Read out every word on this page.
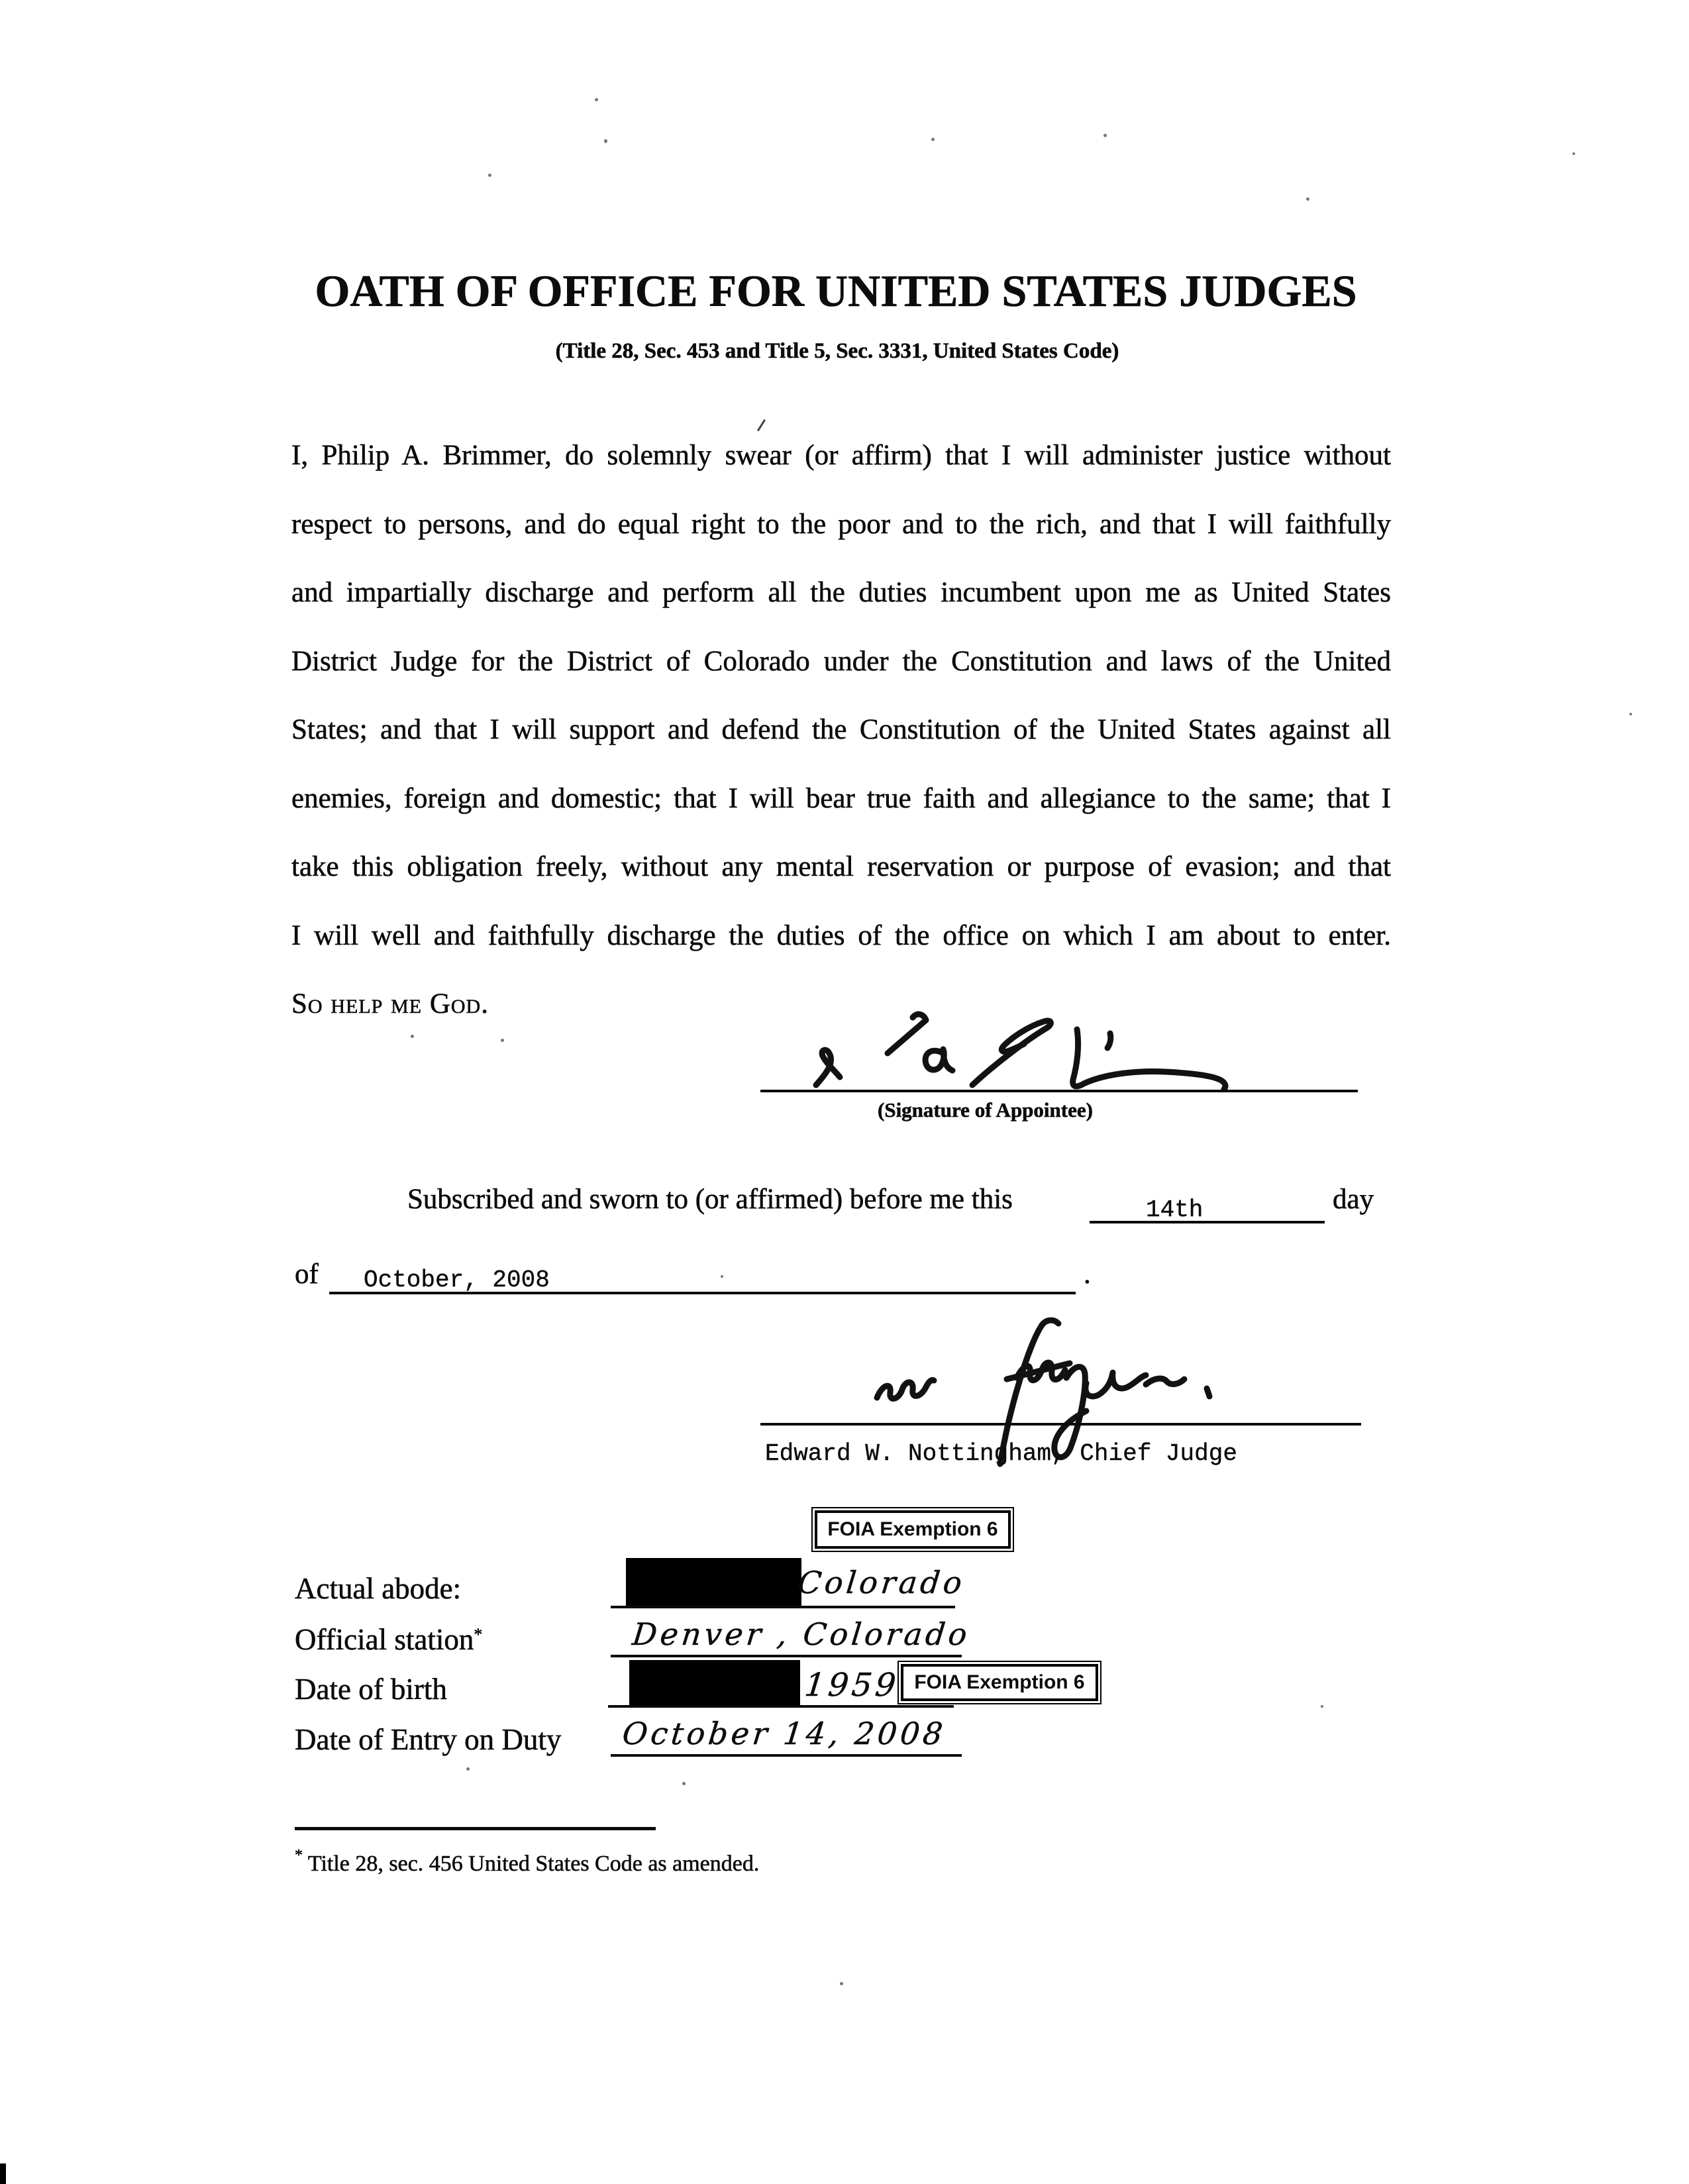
OATH OF OFFICE FOR UNITED STATES JUDGES
(Title 28, Sec. 453 and Title 5, Sec. 3331, United States Code)
I, Philip A. Brimmer, do solemnly swear (or affirm) that I will administer justice without
respect to persons, and do equal right to the poor and to the rich, and that I will faithfully
and impartially discharge and perform all the duties incumbent upon me as United States
District Judge for the District of Colorado under the Constitution and laws of the United
States; and that I will support and defend the Constitution of the United States against all
enemies, foreign and domestic; that I will bear true faith and allegiance to the same; that I
take this obligation freely, without any mental reservation or purpose of evasion; and that
I will well and faithfully discharge the duties of the office on which I am about to enter.
So help me God.
(Signature of Appointee)
Subscribed and sworn to (or affirmed) before me this	14th	day
of October, 2008	.
Edward W. Nottingham, Chief Judge
FOIA Exemption 6
Actual abode:	Colorado
Official station*	Denver , Colorado
Date of birth	1959 FOIA Exemption 6
Date of Entry on Duty October 14, 2008
* Title 28, sec. 456 United States Code as amended.
